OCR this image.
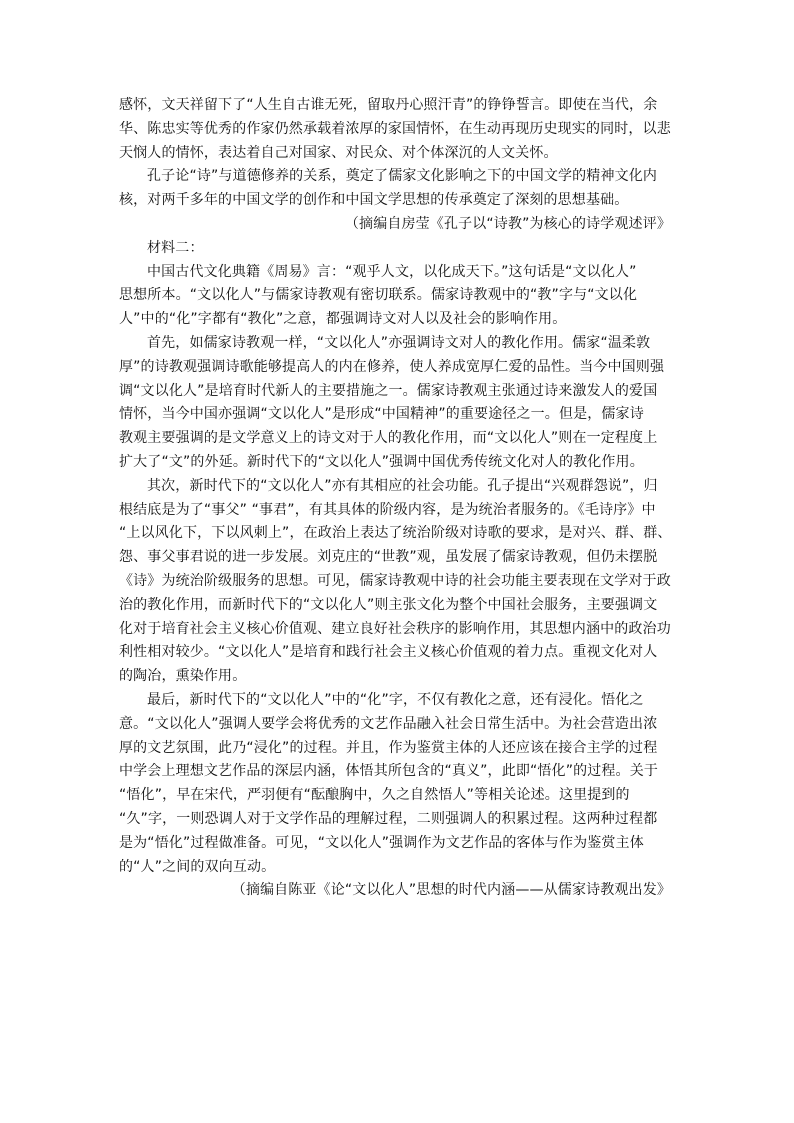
感怀，文天祥留下了“人生自古谁无死，留取丹心照汗青”的铮铮誓言。即使在当代，余
华、陈忠实等优秀的作家仍然承载着浓厚的家国情怀，在生动再现历史现实的同时，以悲
天悯人的情怀，表达着自己对国家、对民众、对个体深沉的人文关怀。
孔子论“诗”与道德修养的关系，奠定了儒家文化影响之下的中国文学的精神文化内
核，对两千多年的中国文学的创作和中国文学思想的传承奠定了深刻的思想基础。
（摘编自房莹《孔子以“诗教”为核心的诗学观述评》
材料二：
中国古代文化典籍《周易》言：“观乎人文，以化成天下。”这句话是“文以化人”
思想所本。“文以化人”与儒家诗教观有密切联系。儒家诗教观中的“教”字与“文以化
人”中的“化”字都有“教化”之意，都强调诗文对人以及社会的影响作用。
首先，如儒家诗教观一样，“文以化人”亦强调诗文对人的教化作用。儒家“温柔敦
厚”的诗教观强调诗歌能够提高人的内在修养，使人养成宽厚仁爱的品性。当今中国则强
调“文以化人”是培育时代新人的主要措施之一。儒家诗教观主张通过诗来激发人的爱国
情怀，当今中国亦强调“文以化人”是形成“中国精神”的重要途径之一。但是，儒家诗
教观主要强调的是文学意义上的诗文对于人的教化作用，而“文以化人”则在一定程度上
扩大了“文”的外延。新时代下的“文以化人”强调中国优秀传统文化对人的教化作用。
其次，新时代下的“文以化人”亦有其相应的社会功能。孔子提出“兴观群怨说”，归
根结底是为了“事父” “事君”，有其具体的阶级内容，是为统治者服务的。《毛诗序》中
“上以风化下，下以风刺上”，在政治上表达了统治阶级对诗歌的要求，是对兴、群、群、
怨、事父事君说的进一步发展。刘克庄的“世教”观，虽发展了儒家诗教观，但仍未摆脱
《诗》为统治阶级服务的思想。可见，儒家诗教观中诗的社会功能主要表现在文学对于政
治的教化作用，而新时代下的“文以化人”则主张文化为整个中国社会服务，主要强调文
化对于培育社会主义核心价值观、建立良好社会秩序的影响作用，其思想内涵中的政治功
利性相对较少。“文以化人”是培育和践行社会主义核心价值观的着力点。重视文化对人
的陶冶，熏染作用。
最后，新时代下的“文以化人”中的“化”字，不仅有教化之意，还有浸化。悟化之
意。“文以化人”强调人要学会将优秀的文艺作品融入社会日常生活中。为社会营造出浓
厚的文艺氛围，此乃“浸化”的过程。并且，作为鉴赏主体的人还应该在接合主学的过程
中学会上理想文艺作品的深层内涵，体悟其所包含的“真义”，此即“悟化”的过程。关于
“悟化”，早在宋代，严羽便有“酝酿胸中，久之自然悟人”等相关论述。这里提到的
“久”字，一则恐调人对于文学作品的理解过程，二则强调人的积累过程。这两种过程都
是为“悟化”过程做准备。可见，“文以化人”强调作为文艺作品的客体与作为鉴赏主体
的“人”之间的双向互动。
（摘编自陈亚《论“文以化人”思想的时代内涵——从儒家诗教观出发》
